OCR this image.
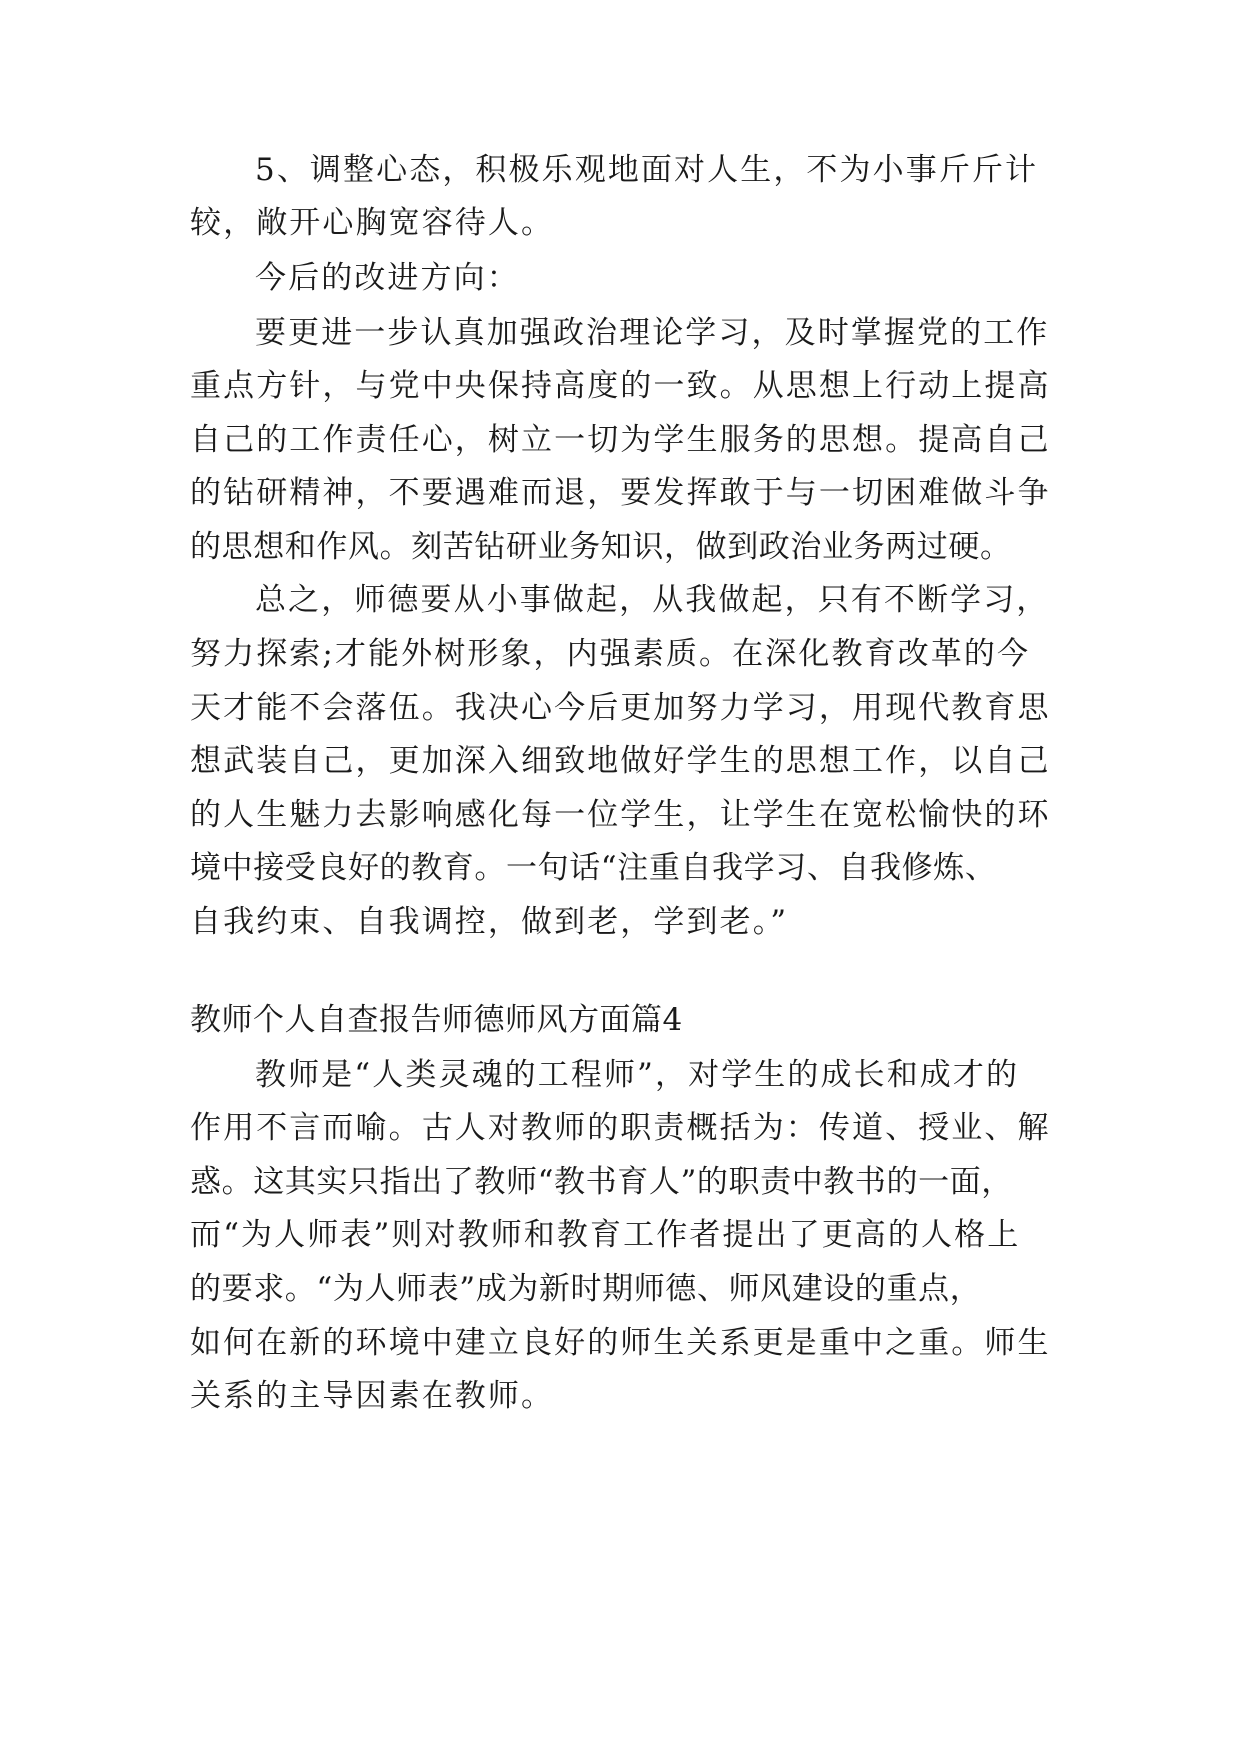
5、调整心态，积极乐观地面对人生，不为小事斤斤计
较，敞开心胸宽容待人。
今后的改进方向：
要更进一步认真加强政治理论学习，及时掌握党的工作
重点方针，与党中央保持高度的一致。从思想上行动上提高
自己的工作责任心，树立一切为学生服务的思想。提高自己
的钻研精神，不要遇难而退，要发挥敢于与一切困难做斗争
的思想和作风。刻苦钻研业务知识，做到政治业务两过硬。
总之，师德要从小事做起，从我做起，只有不断学习，
努力探索;才能外树形象，内强素质。在深化教育改革的今
天才能不会落伍。我决心今后更加努力学习，用现代教育思
想武装自己，更加深入细致地做好学生的思想工作，以自己
的人生魅力去影响感化每一位学生，让学生在宽松愉快的环
境中接受良好的教育。一句话“注重自我学习、自我修炼、
自我约束、自我调控，做到老，学到老。”
教师个人自查报告师德师风方面篇4
教师是“人类灵魂的工程师”，对学生的成长和成才的
作用不言而喻。古人对教师的职责概括为：传道、授业、解
惑。这其实只指出了教师“教书育人”的职责中教书的一面，
而“为人师表”则对教师和教育工作者提出了更高的人格上
的要求。“为人师表”成为新时期师德、师风建设的重点，
如何在新的环境中建立良好的师生关系更是重中之重。师生
关系的主导因素在教师。
